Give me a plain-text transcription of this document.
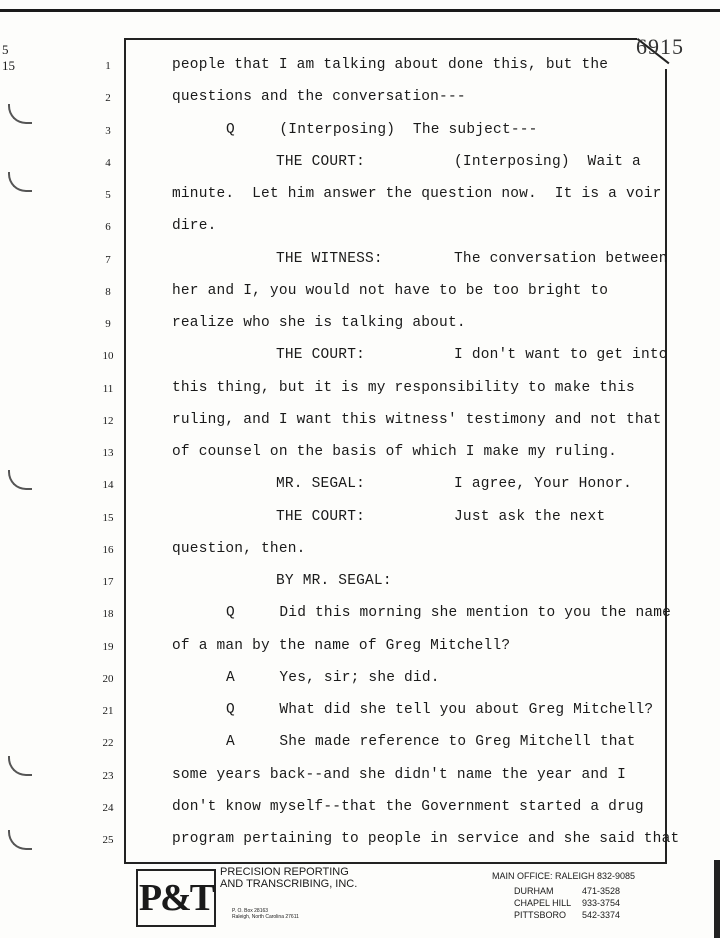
5
15
6915
1	people that I am talking about done this, but the
2	questions and the conversation---
3	Q     (Interposing)  The subject---
4	THE COURT:          (Interposing)  Wait a
5	minute.  Let him answer the question now.  It is a voir
6	dire.
7	THE WITNESS:        The conversation between
8	her and I, you would not have to be too bright to
9	realize who she is talking about.
10	THE COURT:          I don't want to get into
11	this thing, but it is my responsibility to make this
12	ruling, and I want this witness' testimony and not that
13	of counsel on the basis of which I make my ruling.
14	MR. SEGAL:          I agree, Your Honor.
15	THE COURT:          Just ask the next
16	question, then.
17	BY MR. SEGAL:
18	Q     Did this morning she mention to you the name
19	of a man by the name of Greg Mitchell?
20	A     Yes, sir; she did.
21	Q     What did she tell you about Greg Mitchell?
22	A     She made reference to Greg Mitchell that
23	some years back--and she didn't name the year and I
24	don't know myself--that the Government started a drug
25	program pertaining to people in service and she said that
P&T
PRECISION REPORTING
AND TRANSCRIBING, INC.
P. O. Box 28163
Raleigh, North Carolina 27611
MAIN OFFICE: RALEIGH 832-9085
DURHAM	471-3528
CHAPEL HILL 933-3754
PITTSBORO 542-3374
